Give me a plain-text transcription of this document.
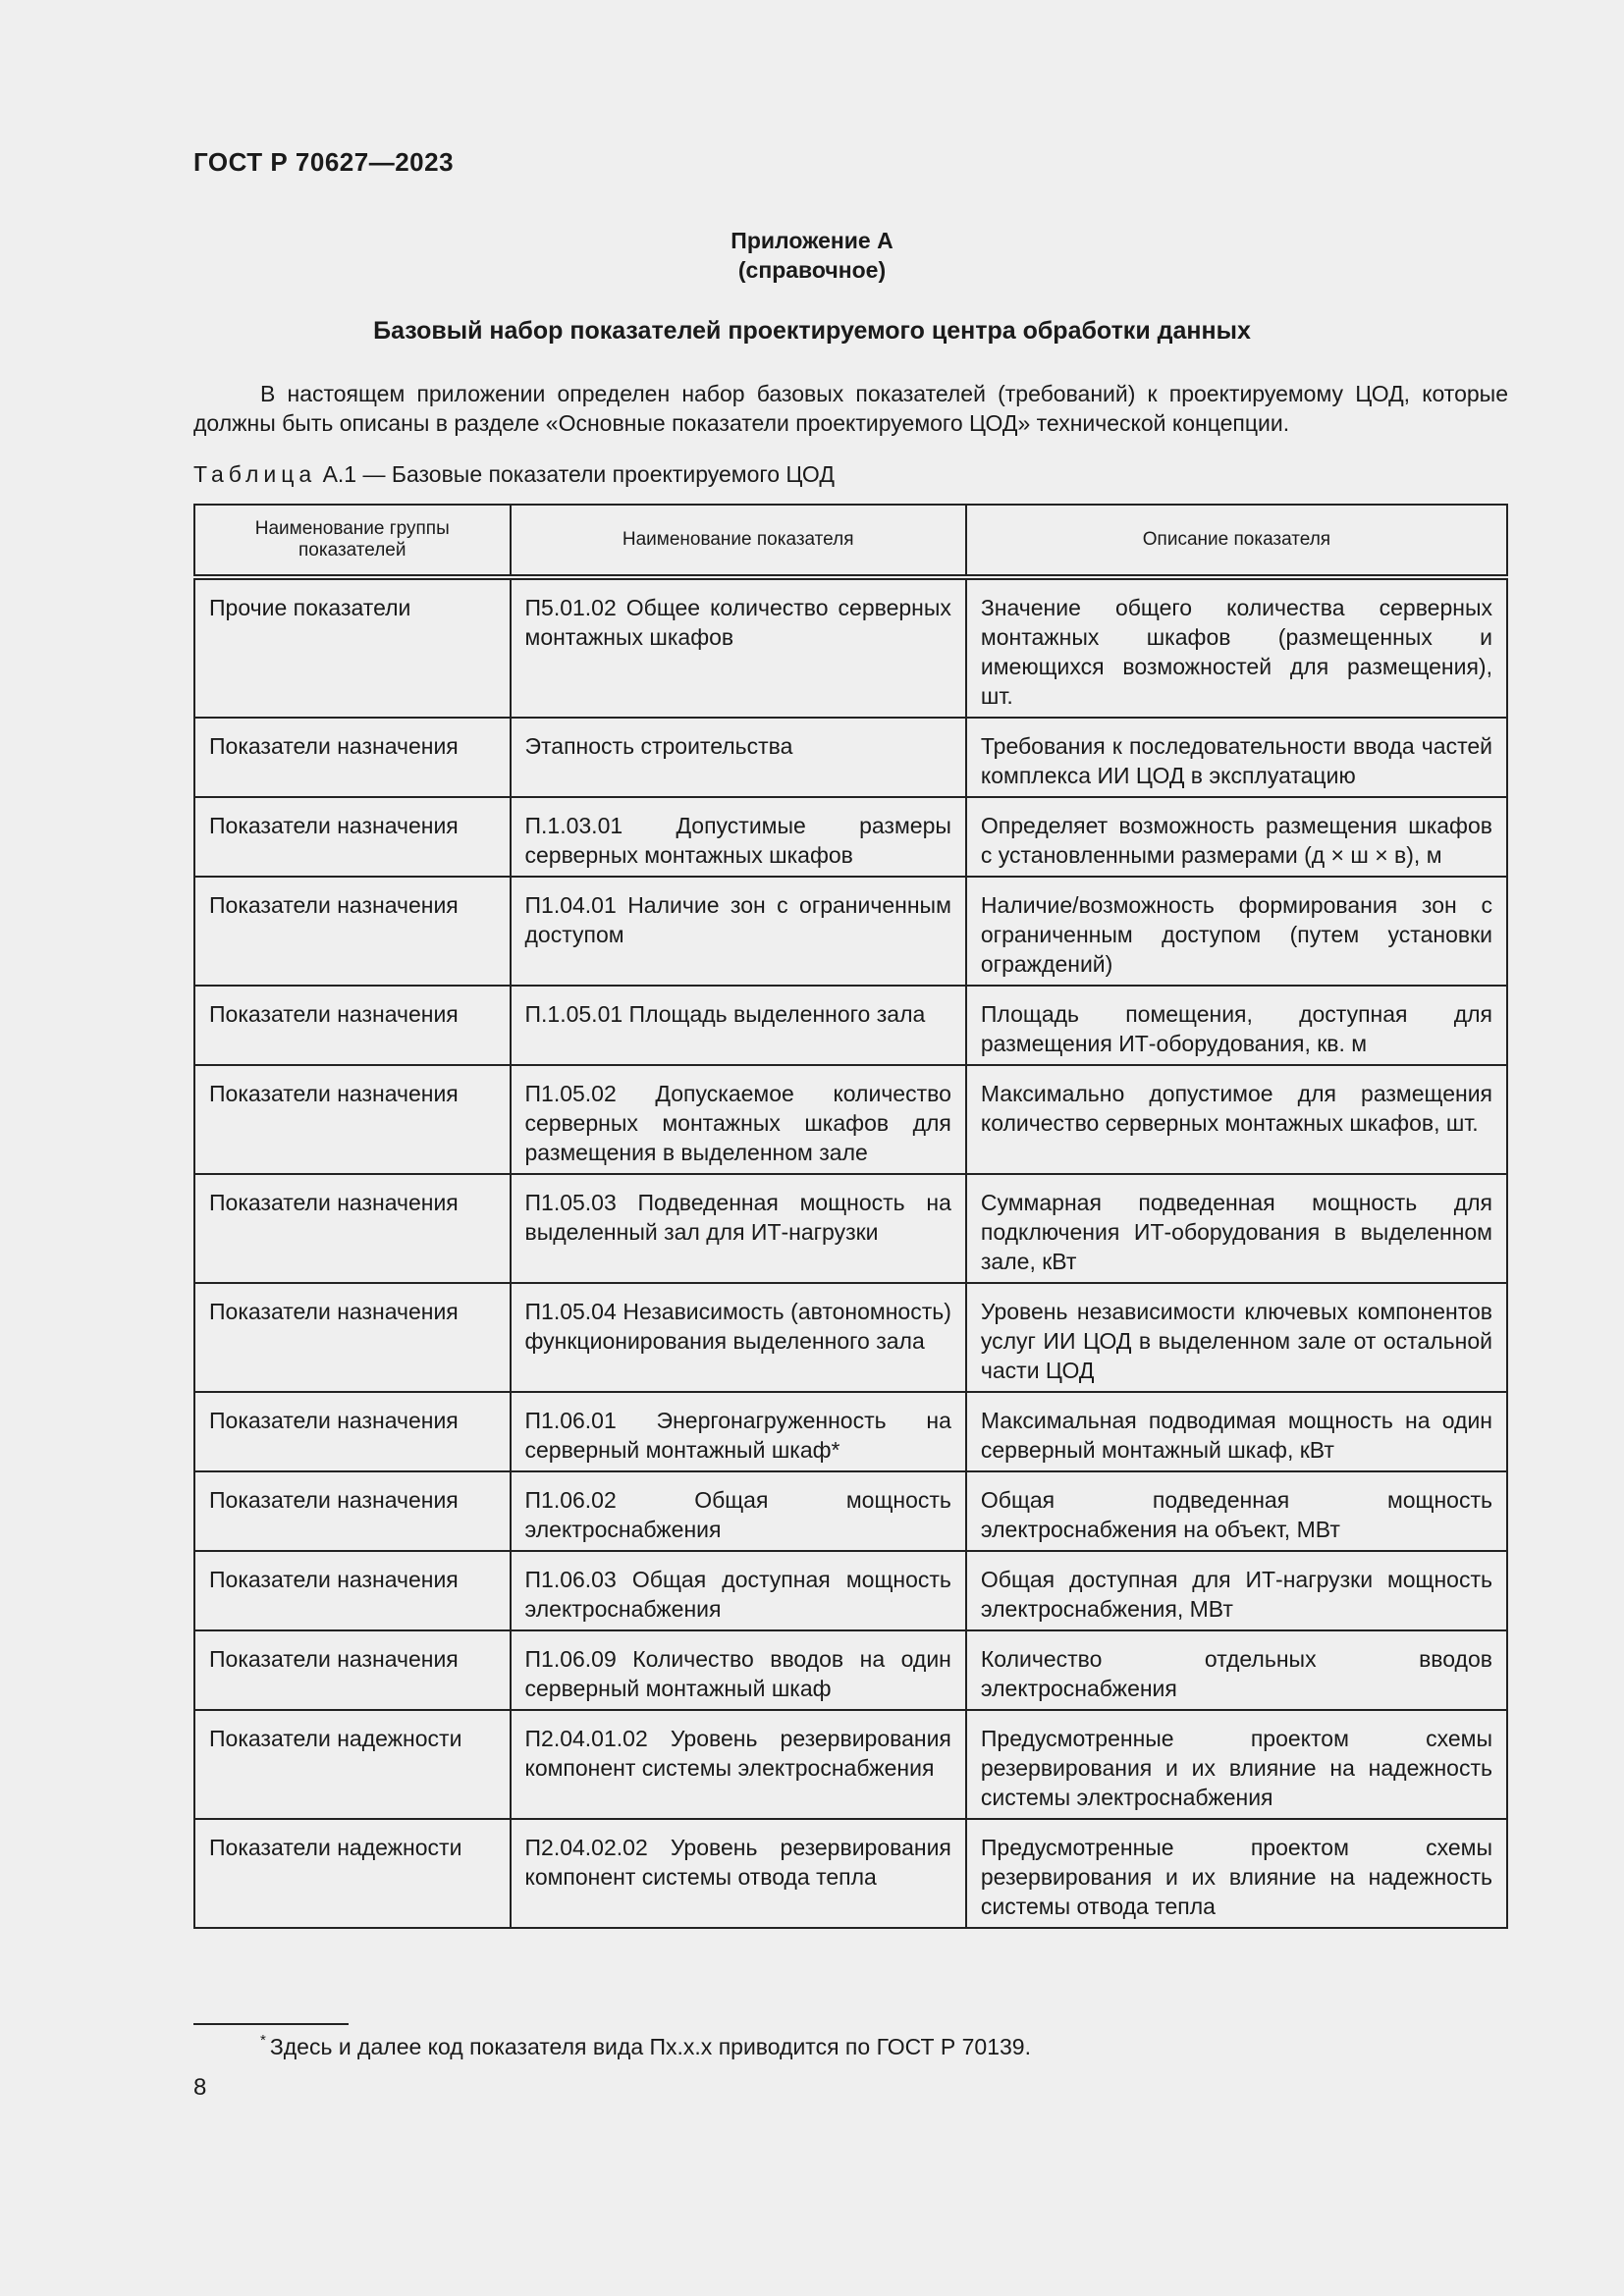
ГОСТ Р 70627—2023
Приложение А
(справочное)
Базовый набор показателей проектируемого центра обработки данных
В настоящем приложении определен набор базовых показателей (требований) к проектируемому ЦОД, которые должны быть описаны в разделе «Основные показатели проектируемого ЦОД» технической концепции.
Таблица А.1 — Базовые показатели проектируемого ЦОД
Наименование группы показателей	Наименование показателя	Описание показателя
Прочие показатели	П5.01.02 Общее количество серверных монтажных шкафов	Значение общего количества серверных монтажных шкафов (размещенных и имеющихся возможностей для размещения), шт.
Показатели назначения	Этапность строительства	Требования к последовательности ввода частей комплекса ИИ ЦОД в эксплуатацию
Показатели назначения	П.1.03.01 Допустимые размеры серверных монтажных шкафов	Определяет возможность размещения шкафов с установленными размерами (д × ш × в), м
Показатели назначения	П1.04.01 Наличие зон с ограниченным доступом	Наличие/возможность формирования зон с ограниченным доступом (путем установки ограждений)
Показатели назначения	П.1.05.01 Площадь выделенного зала	Площадь помещения, доступная для размещения ИТ-оборудования, кв. м
Показатели назначения	П1.05.02 Допускаемое количество серверных монтажных шкафов для размещения в выделенном зале	Максимально допустимое для размещения количество серверных монтажных шкафов, шт.
Показатели назначения	П1.05.03 Подведенная мощность на выделенный зал для ИТ-нагрузки	Суммарная подведенная мощность для подключения ИТ-оборудования в выделенном зале, кВт
Показатели назначения	П1.05.04 Независимость (автономность) функционирования выделенного зала	Уровень независимости ключевых компонентов услуг ИИ ЦОД в выделенном зале от остальной части ЦОД
Показатели назначения	П1.06.01 Энергонагруженность на серверный монтажный шкаф*	Максимальная подводимая мощность на один серверный монтажный шкаф, кВт
Показатели назначения	П1.06.02 Общая мощность электроснабжения	Общая подведенная мощность электроснабжения на объект, МВт
Показатели назначения	П1.06.03 Общая доступная мощность электроснабжения	Общая доступная для ИТ-нагрузки мощность электроснабжения, МВт
Показатели назначения	П1.06.09 Количество вводов на один серверный монтажный шкаф	Количество отдельных вводов электроснабжения
Показатели надежности	П2.04.01.02 Уровень резервирования компонент системы электроснабжения	Предусмотренные проектом схемы резервирования и их влияние на надежность системы электроснабжения
Показатели надежности	П2.04.02.02 Уровень резервирования компонент системы отвода тепла	Предусмотренные проектом схемы резервирования и их влияние на надежность системы отвода тепла
* Здесь и далее код показателя вида Пх.х.х приводится по ГОСТ Р 70139.
8
